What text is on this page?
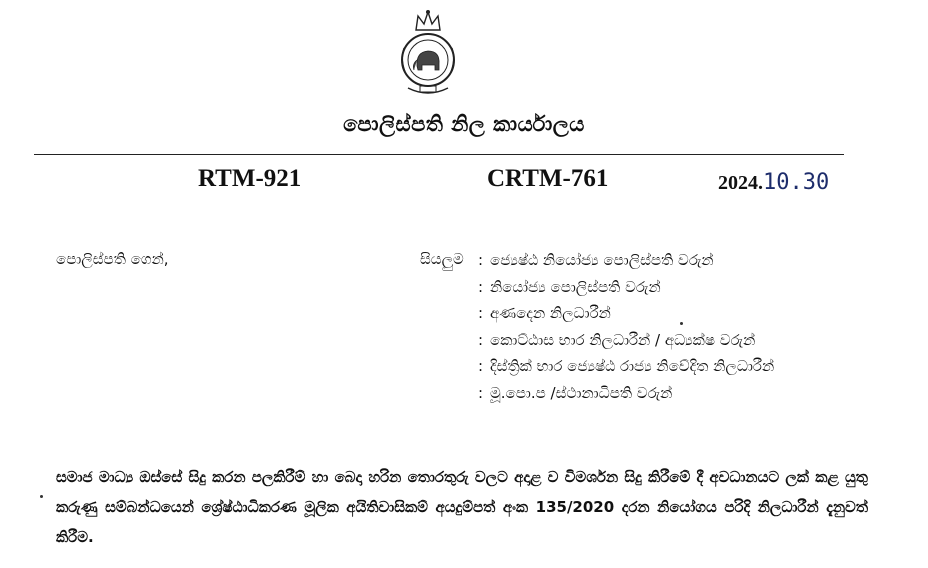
පොලිස්පති නිල කාර්යාලය
RTM-921	CRTM-761	2024.10.30
පොලිස්පති ගෙන්,	සියලුම : ජ්‍යෙෂ්ඨ නියෝජ්‍ය පොලිස්පති වරුන්
: නියෝජ්‍ය පොලිස්පති වරුන්
: අණදෙන නිලධාරීන්
: කොට්ඨාස භාර නිලධාරීන් / අධ්‍යක්ෂ වරුන්
: දිස්ත්‍රික් භාර ජ්‍යෙෂ්ඨ රාජ්‍ය නිවේදිත නිලධාරීන්
: මූ.පො.ප /ස්ථානාධිපති වරුන්
සමාජ මාධ්‍ය ඔස්සේ සිදු කරන පලකිරීම් හා බෙදා හරින තොරතුරු වලට අදාළ ව විමර්ශන සිදු කිරීමේ දී අවධානයට ලක් කළ යුතු කරුණු සම්බන්ධයෙන් ශ්‍රේෂ්ඨාධිකරණ මූලික අයිතිවාසිකම් අයදුම්පත් අංක 135/2020 දරන නියෝගය පරිදි නිලධාරීන් දැනුවත් කිරීම.
